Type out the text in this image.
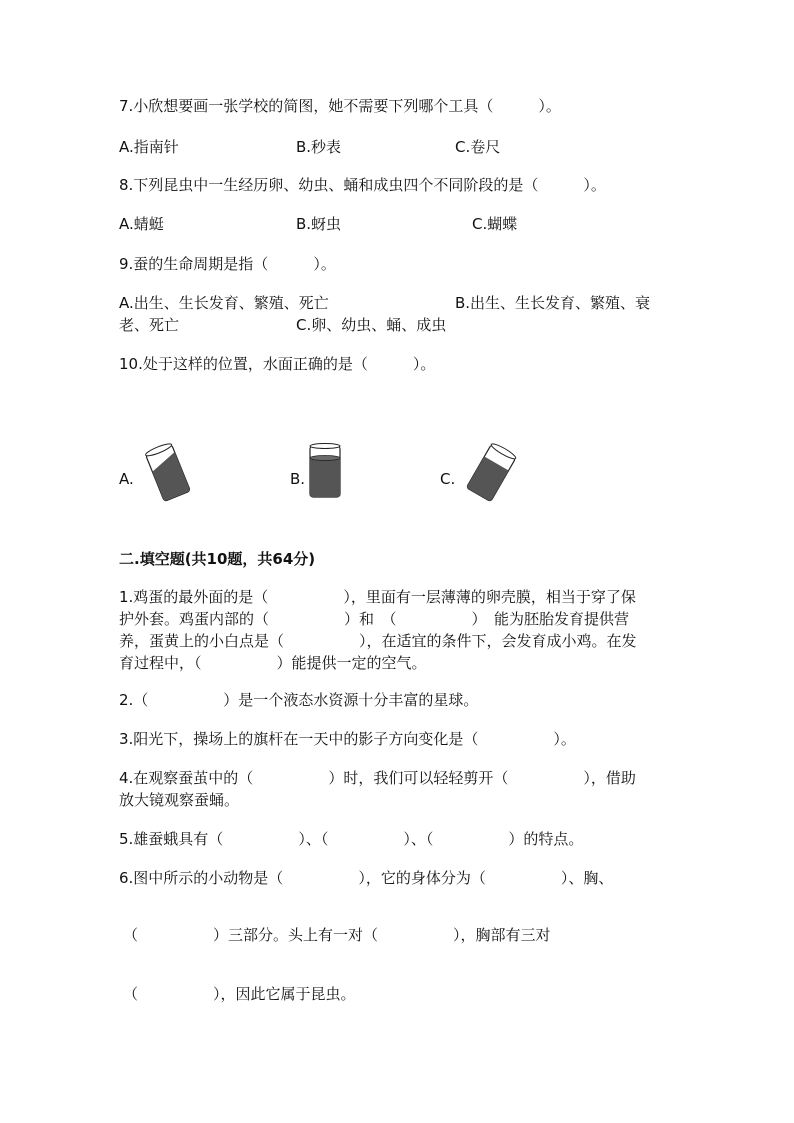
7.小欣想要画一张学校的简图，她不需要下列哪个工具（　　　）。
A.指南针	B.秒表	C.卷尺
8.下列昆虫中一生经历卵、幼虫、蛹和成虫四个不同阶段的是（　　　）。
A.蜻蜓	B.蚜虫	C.蝴蝶
9.蚕的生命周期是指（　　　）。
A.出生、生长发育、繁殖、死亡	B.出生、生长发育、繁殖、衰
老、死亡	C.卵、幼虫、蛹、成虫
10.处于这样的位置，水面正确的是（　　　）。
A.	B.	C.
二.填空题(共10题，共64分)
1.鸡蛋的最外面的是（　　　　　），里面有一层薄薄的卵壳膜，相当于穿了保
护外套。鸡蛋内部的（　　　　　）和　（　　　　　）　能为胚胎发育提供营
养，蛋黄上的小白点是（　　　　　），在适宜的条件下，会发育成小鸡。在发
育过程中，（　　　　　）能提供一定的空气。
2.（　　　　　）是一个液态水资源十分丰富的星球。
3.阳光下，操场上的旗杆在一天中的影子方向变化是（　　　　　）。
4.在观察蚕茧中的（　　　　　）时，我们可以轻轻剪开（　　　　　），借助
放大镜观察蚕蛹。
5.雄蚕蛾具有（　　　　　）、（　　　　　）、（　　　　　）的特点。
6.图中所示的小动物是（　　　　　），它的身体分为（　　　　　）、胸、
（　　　　　）三部分。头上有一对（　　　　　），胸部有三对
（　　　　　），因此它属于昆虫。
